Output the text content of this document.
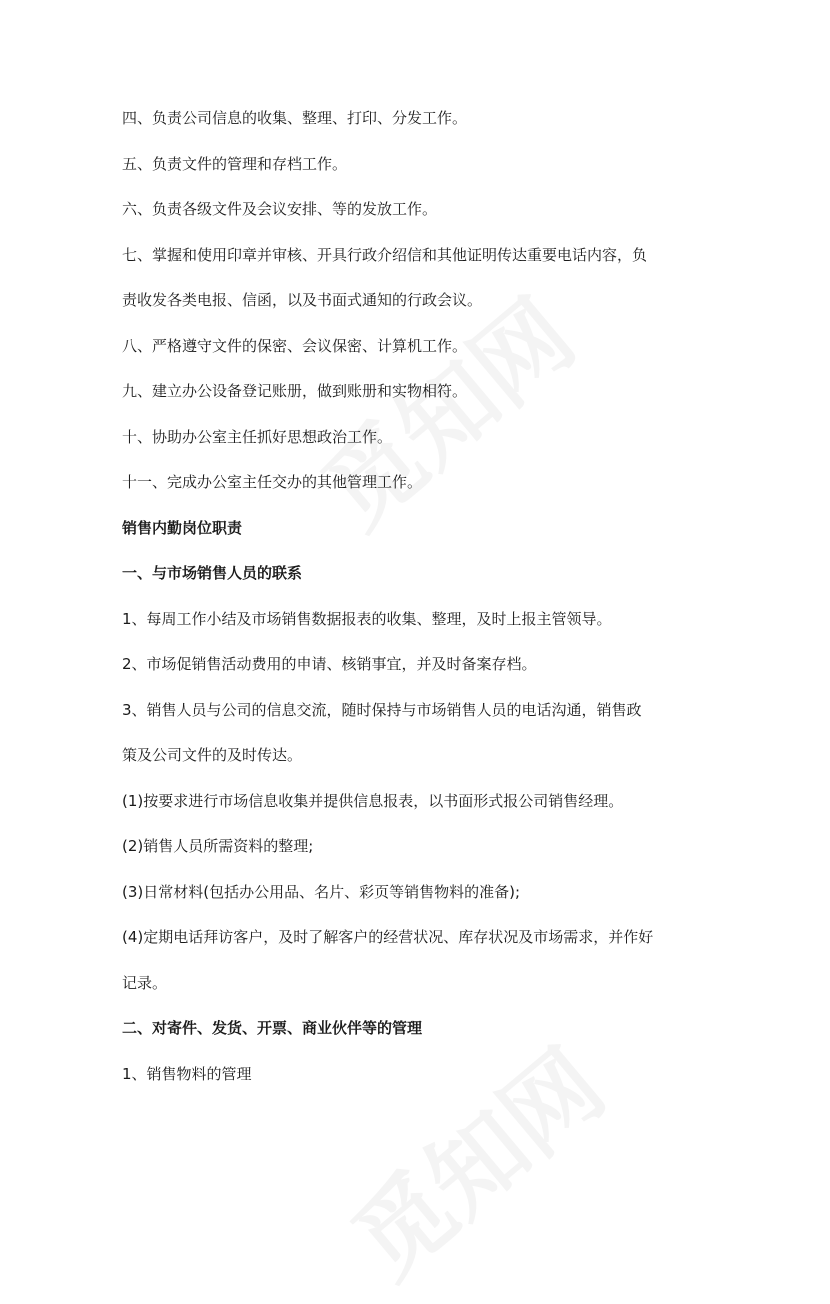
四、负责公司信息的收集、整理、打印、分发工作。
五、负责文件的管理和存档工作。
六、负责各级文件及会议安排、等的发放工作。
七、掌握和使用印章并审核、开具行政介绍信和其他证明传达重要电话内容，负
责收发各类电报、信函，以及书面式通知的行政会议。
八、严格遵守文件的保密、会议保密、计算机工作。
九、建立办公设备登记账册，做到账册和实物相符。
十、协助办公室主任抓好思想政治工作。
十一、完成办公室主任交办的其他管理工作。
销售内勤岗位职责
一、与市场销售人员的联系
1、每周工作小结及市场销售数据报表的收集、整理，及时上报主管领导。
2、市场促销售活动费用的申请、核销事宜，并及时备案存档。
3、销售人员与公司的信息交流，随时保持与市场销售人员的电话沟通，销售政
策及公司文件的及时传达。
(1)按要求进行市场信息收集并提供信息报表，以书面形式报公司销售经理。
(2)销售人员所需资料的整理;
(3)日常材料(包括办公用品、名片、彩页等销售物料的准备);
(4)定期电话拜访客户，及时了解客户的经营状况、库存状况及市场需求，并作好
记录。
二、对寄件、发货、开票、商业伙伴等的管理
1、销售物料的管理
